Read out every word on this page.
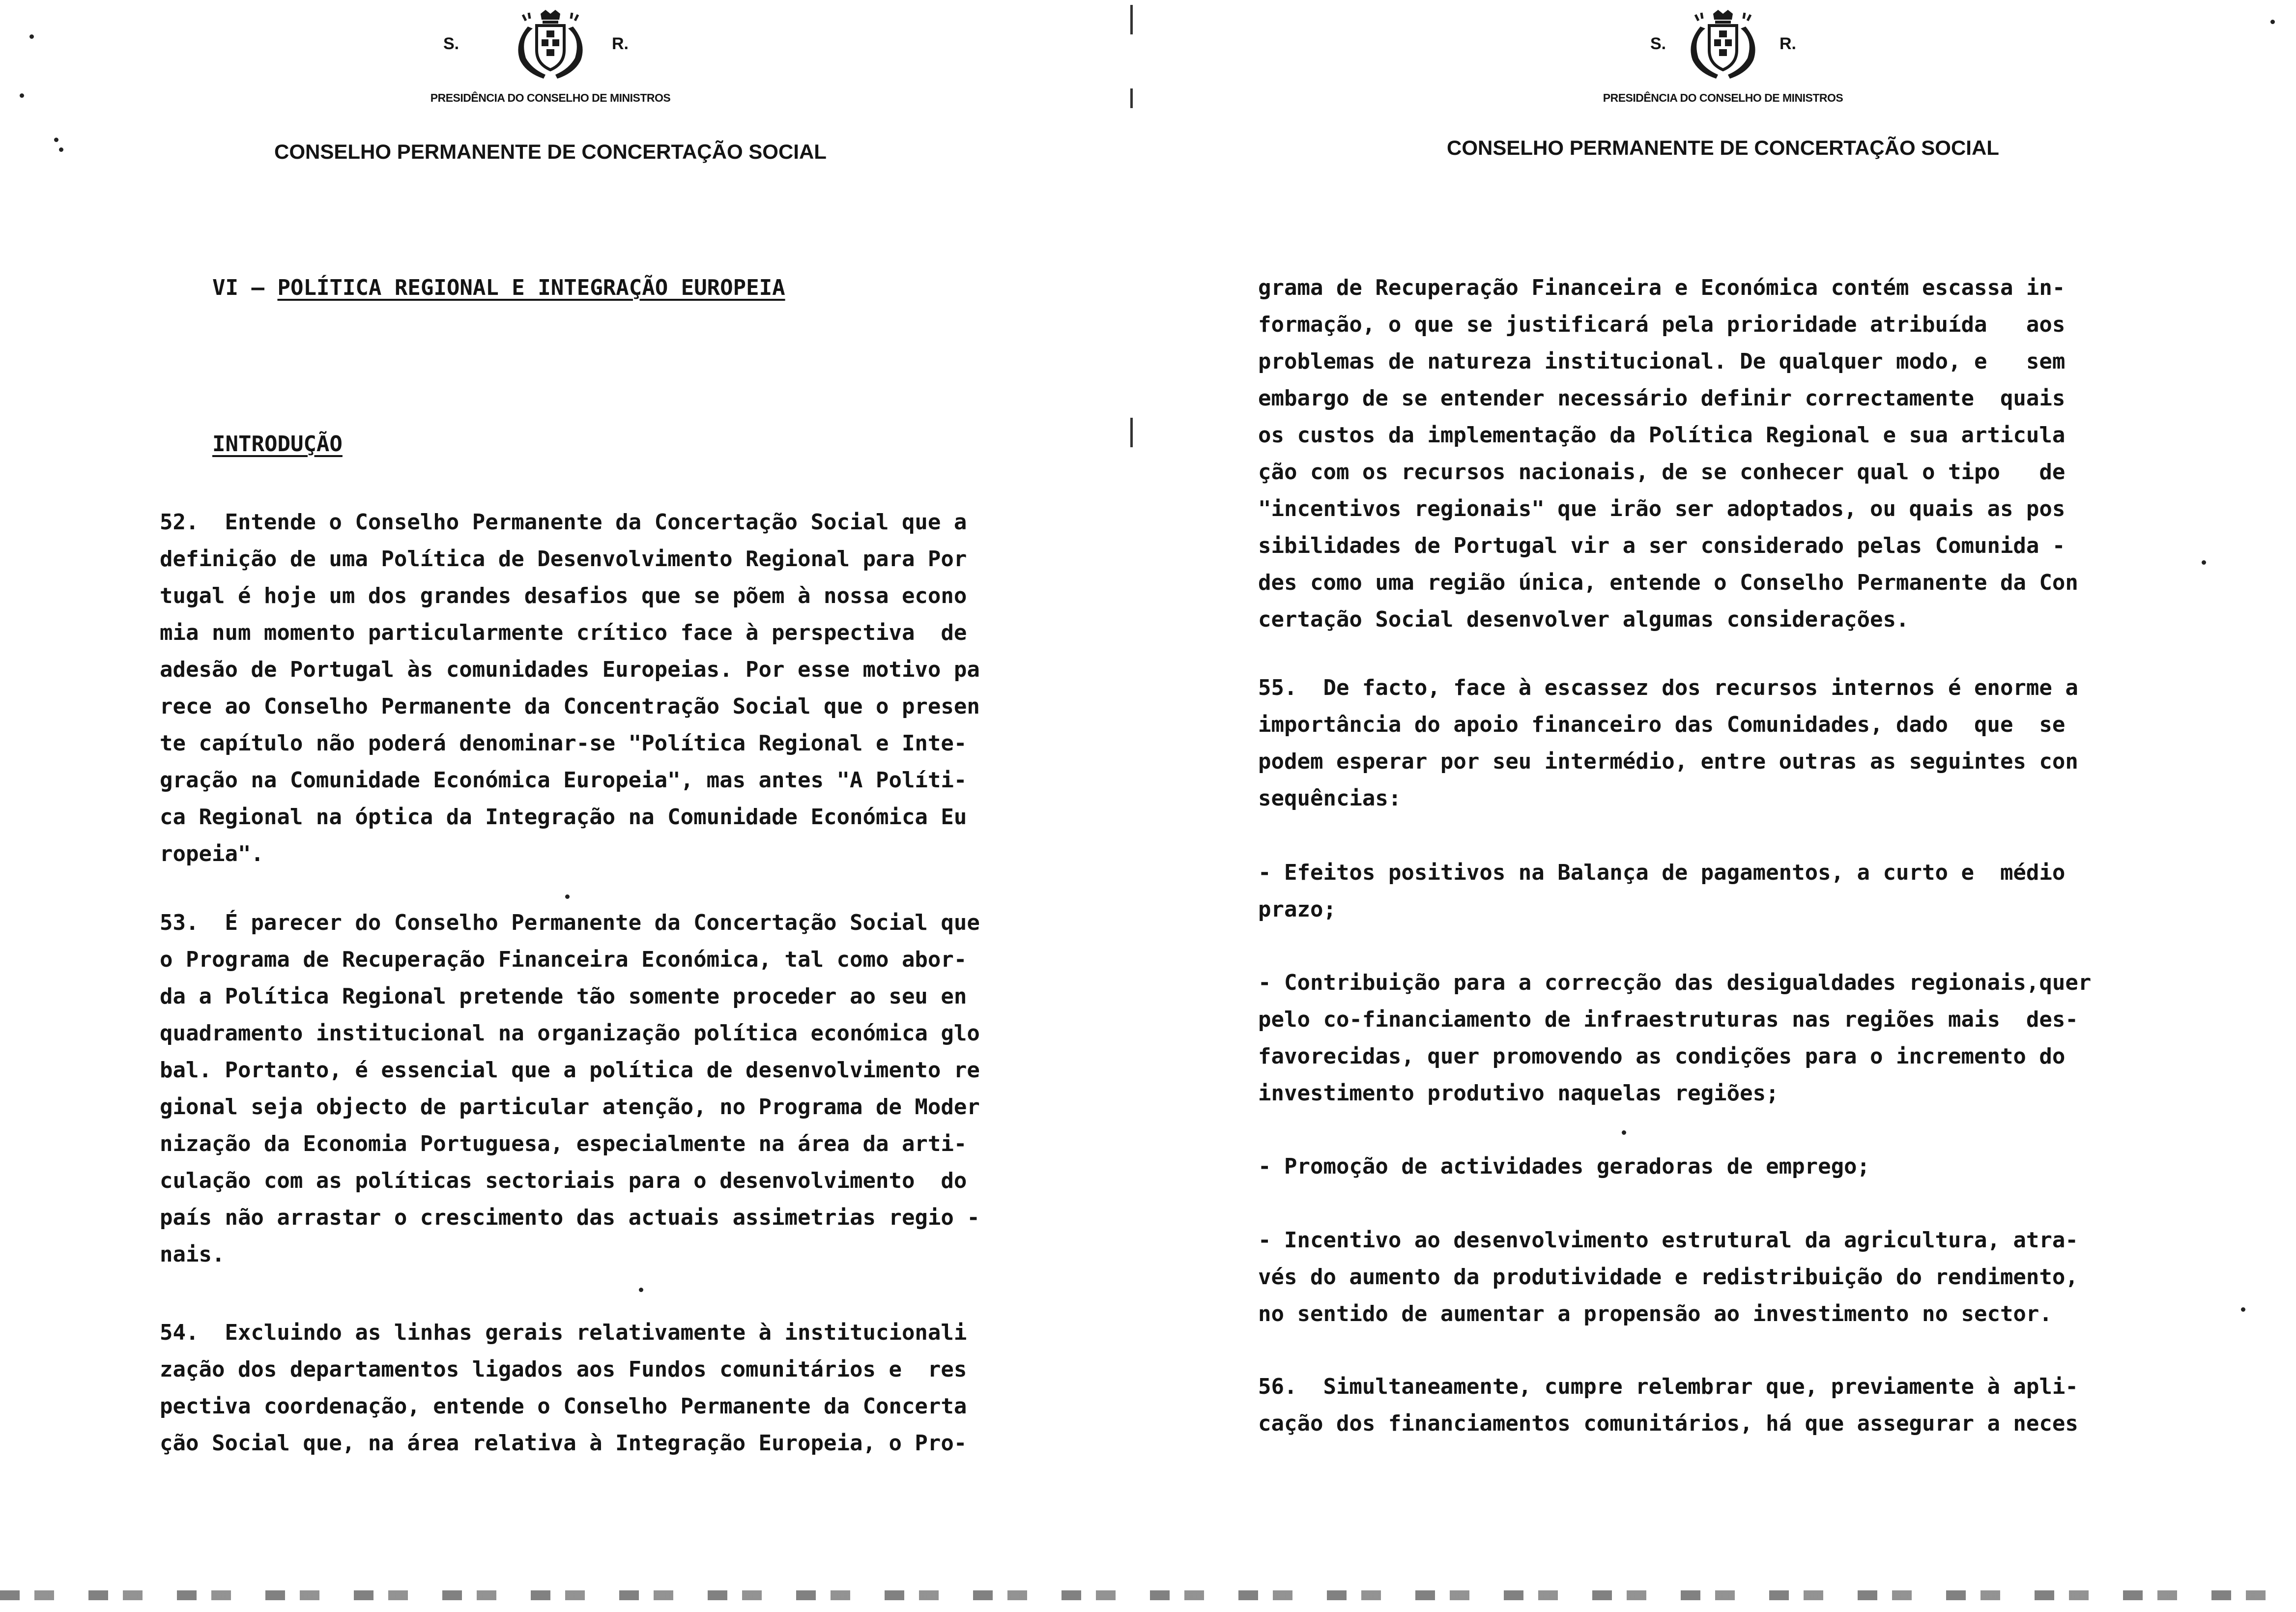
S.	R.
PRESIDÊNCIA DO CONSELHO DE MINISTROS
CONSELHO PERMANENTE DE CONCERTAÇÃO SOCIAL
VI – POLÍTICA REGIONAL E INTEGRAÇÃO EUROPEIA
INTRODUÇÃO
52.  Entende o Conselho Permanente da Concertação Social que a
definição de uma Política de Desenvolvimento Regional para Por
tugal é hoje um dos grandes desafios que se põem à nossa econo
mia num momento particularmente crítico face à perspectiva  de
adesão de Portugal às comunidades Europeias. Por esse motivo pa
rece ao Conselho Permanente da Concentração Social que o presen
te capítulo não poderá denominar-se "Política Regional e Inte-
gração na Comunidade Económica Europeia", mas antes "A Políti-
ca Regional na óptica da Integração na Comunidade Económica Eu
ropeia".
53.  É parecer do Conselho Permanente da Concertação Social que
o Programa de Recuperação Financeira Económica, tal como abor-
da a Política Regional pretende tão somente proceder ao seu en
quadramento institucional na organização política económica glo
bal. Portanto, é essencial que a política de desenvolvimento re
gional seja objecto de particular atenção, no Programa de Moder
nização da Economia Portuguesa, especialmente na área da arti-
culação com as políticas sectoriais para o desenvolvimento  do
país não arrastar o crescimento das actuais assimetrias regio -
nais.
54.  Excluindo as linhas gerais relativamente à institucionali
zação dos departamentos ligados aos Fundos comunitários e  res
pectiva coordenação, entende o Conselho Permanente da Concerta
ção Social que, na área relativa à Integração Europeia, o Pro-
S.	R.
PRESIDÊNCIA DO CONSELHO DE MINISTROS
CONSELHO PERMANENTE DE CONCERTAÇÃO SOCIAL
grama de Recuperação Financeira e Económica contém escassa in-
formação, o que se justificará pela prioridade atribuída   aos
problemas de natureza institucional. De qualquer modo, e   sem
embargo de se entender necessário definir correctamente  quais
os custos da implementação da Política Regional e sua articula
ção com os recursos nacionais, de se conhecer qual o tipo   de
"incentivos regionais" que irão ser adoptados, ou quais as pos
sibilidades de Portugal vir a ser considerado pelas Comunida -
des como uma região única, entende o Conselho Permanente da Con
certação Social desenvolver algumas considerações.
55.  De facto, face à escassez dos recursos internos é enorme a
importância do apoio financeiro das Comunidades, dado  que  se
podem esperar por seu intermédio, entre outras as seguintes con
sequências:
- Efeitos positivos na Balança de pagamentos, a curto e  médio
prazo;
- Contribuição para a correcção das desigualdades regionais,quer
pelo co-financiamento de infraestruturas nas regiões mais  des-
favorecidas, quer promovendo as condições para o incremento do
investimento produtivo naquelas regiões;
- Promoção de actividades geradoras de emprego;
- Incentivo ao desenvolvimento estrutural da agricultura, atra-
vés do aumento da produtividade e redistribuição do rendimento,
no sentido de aumentar a propensão ao investimento no sector.
56.  Simultaneamente, cumpre relembrar que, previamente à apli-
cação dos financiamentos comunitários, há que assegurar a neces
